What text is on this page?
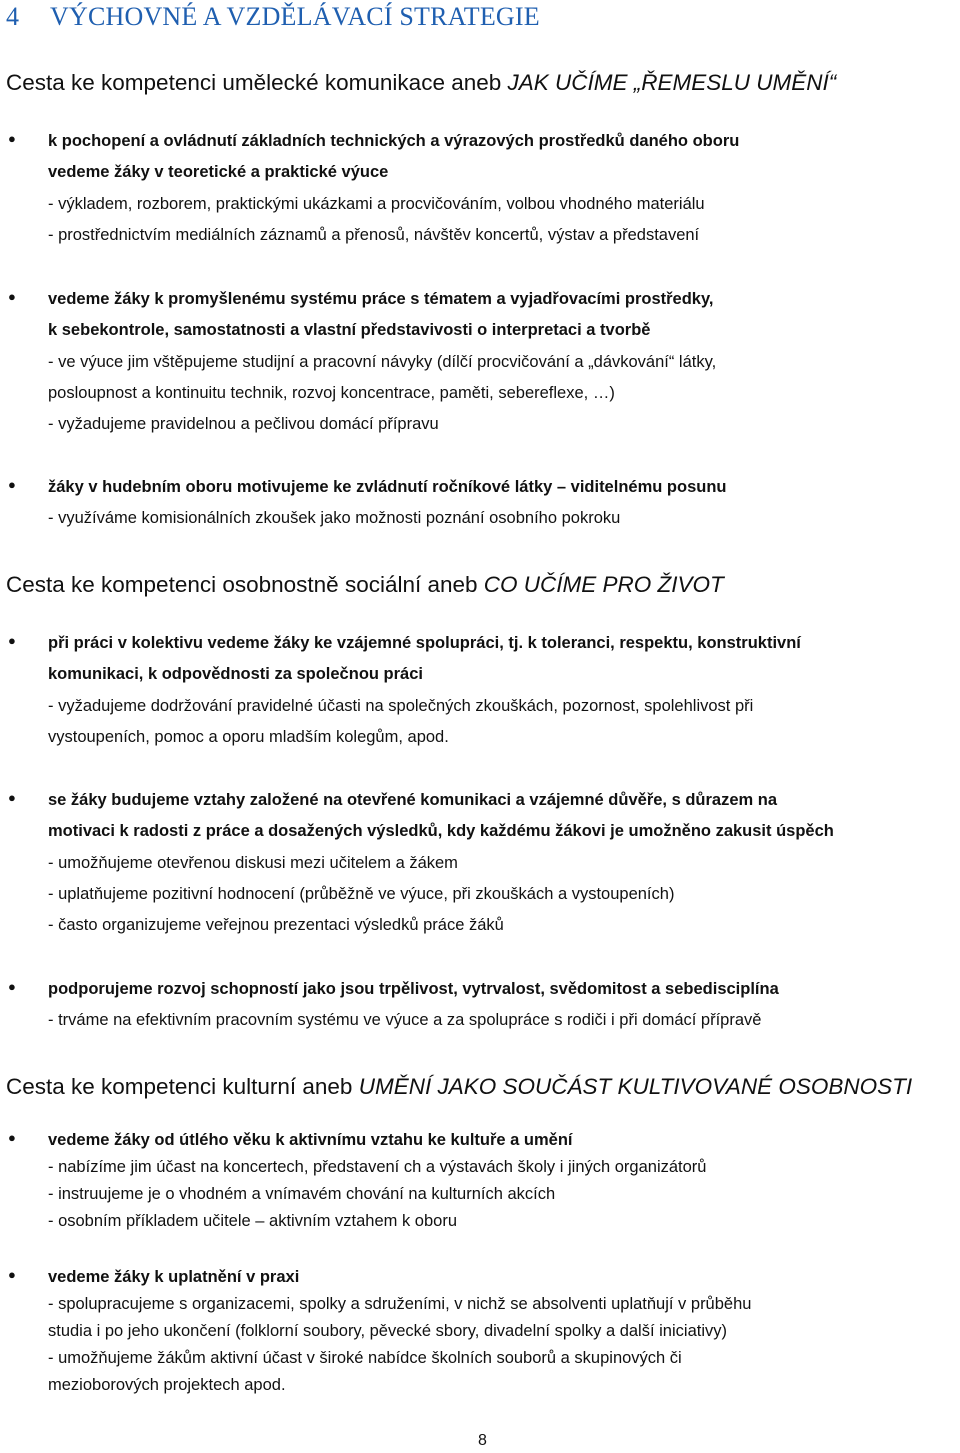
4 VÝCHOVNÉ A VZDĚLÁVACÍ STRATEGIE
Cesta ke kompetenci umělecké komunikace aneb JAK UČÍME „ŘEMESLU UMĚNÍ“
● k pochopení a ovládnutí základních technických a výrazových prostředků daného oboru
vedeme žáky v teoretické a praktické výuce
- výkladem, rozborem, praktickými ukázkami a procvičováním, volbou vhodného materiálu
- prostřednictvím mediálních záznamů a přenosů, návštěv koncertů, výstav a představení
● vedeme žáky k promyšlenému systému práce s tématem a vyjadřovacími prostředky,
k sebekontrole, samostatnosti a vlastní představivosti o interpretaci a tvorbě
- ve výuce jim vštěpujeme studijní a pracovní návyky (dílčí procvičování a „dávkování“ látky,
posloupnost a kontinuitu technik, rozvoj koncentrace, paměti, sebereflexe, …)
- vyžadujeme pravidelnou a pečlivou domácí přípravu
● žáky v hudebním oboru motivujeme ke zvládnutí ročníkové látky – viditelnému posunu
- využíváme komisionálních zkoušek jako možnosti poznání osobního pokroku
Cesta ke kompetenci osobnostně sociální aneb CO UČÍME PRO ŽIVOT
● při práci v kolektivu vedeme žáky ke vzájemné spolupráci, tj. k toleranci, respektu, konstruktivní
komunikaci, k odpovědnosti za společnou práci
- vyžadujeme dodržování pravidelné účasti na společných zkouškách, pozornost, spolehlivost při
vystoupeních, pomoc a oporu mladším kolegům, apod.
● se žáky budujeme vztahy založené na otevřené komunikaci a vzájemné důvěře, s důrazem na
motivaci k radosti z práce a dosažených výsledků, kdy každému žákovi je umožněno zakusit úspěch
- umožňujeme otevřenou diskusi mezi učitelem a žákem
- uplatňujeme pozitivní hodnocení (průběžně ve výuce, při zkouškách a vystoupeních)
- často organizujeme veřejnou prezentaci výsledků práce žáků
● podporujeme rozvoj schopností jako jsou trpělivost, vytrvalost, svědomitost a sebedisciplína
- trváme na efektivním pracovním systému ve výuce a za spolupráce s rodiči i při domácí přípravě
Cesta ke kompetenci kulturní aneb UMĚNÍ JAKO SOUČÁST KULTIVOVANÉ OSOBNOSTI
● vedeme žáky od útlého věku k aktivnímu vztahu ke kultuře a umění
- nabízíme jim účast na koncertech, představení ch a výstavách školy i jiných organizátorů
- instruujeme je o vhodném a vnímavém chování na kulturních akcích
- osobním příkladem učitele – aktivním vztahem k oboru
● vedeme žáky k uplatnění v praxi
- spolupracujeme s organizacemi, spolky a sdruženími, v nichž se absolventi uplatňují v průběhu
studia i po jeho ukončení (folklorní soubory, pěvecké sbory, divadelní spolky a další iniciativy)
- umožňujeme žákům aktivní účast v široké nabídce školních souborů a skupinových či
mezioborových projektech apod.
8
